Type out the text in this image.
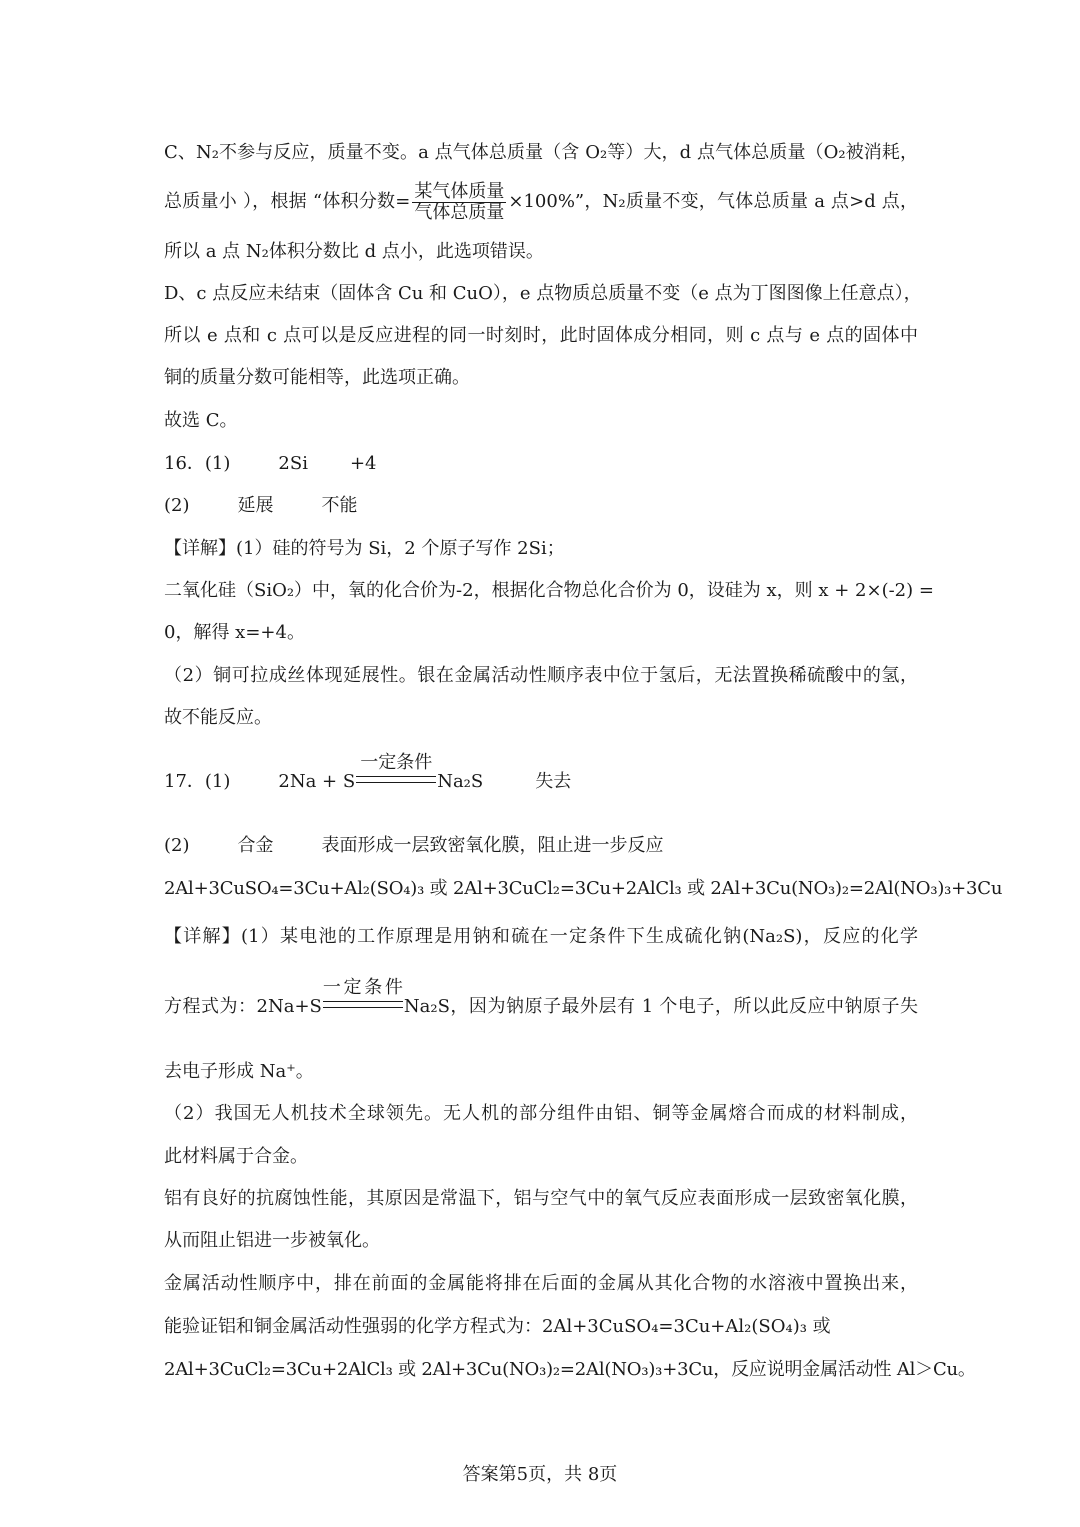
C、N₂不参与反应，质量不变。a 点气体总质量（含 O₂等）大，d 点气体总质量（O₂被消耗，
总质量小 ），根据 “体积分数= $\frac{\text{某气体质量}}{\text{气体总质量}} \times 100\%$”，N₂质量不变，气体总质量 a 点>d 点，
所以 a 点 N₂体积分数比 d 点小，此选项错误。
D、c 点反应未结束（固体含 Cu 和 CuO），e 点物质总质量不变（e 点为丁图图像上任意点），
所以 e 点和 c 点可以是反应进程的同一时刻时，此时固体成分相同，则 c 点与 e 点的固体中
铜的质量分数可能相等，此选项正确。
故选 C。
16．(1)	2Si +4
(2)	延展	不能
【详解】(1）硅的符号为 Si，2 个原子写作 2Si；
二氧化硅（SiO₂）中，氧的化合价为-2，根据化合物总化合价为 0，设硅为 x，则 x + 2×(-2) =
0，解得 x=+4。
（2）铜可拉成丝体现延展性。银在金属活动性顺序表中位于氢后，无法置换稀硫酸中的氢，
故不能反应。
17．(1)	2Na + S
一定条件
Na₂S	失去
(2)	合金	表面形成一层致密氧化膜，阻止进一步反应
2Al+3CuSO₄=3Cu+Al₂(SO₄)₃ 或 2Al+3CuCl₂=3Cu+2AlCl₃ 或 2Al+3Cu(NO₃)₂=2Al(NO₃)₃+3Cu
【详解】(1）某电池的工作原理是用钠和硫在一定条件下生成硫化钠(Na₂S)，反应的化学
方程式为：2Na+S
一定条件
Na₂S，因为钠原子最外层有 1 个电子，所以此反应中钠原子失
去电子形成 Na⁺。
（2）我国无人机技术全球领先。无人机的部分组件由铝、铜等金属熔合而成的材料制成，
此材料属于合金。
铝有良好的抗腐蚀性能，其原因是常温下，铝与空气中的氧气反应表面形成一层致密氧化膜，
从而阻止铝进一步被氧化。
金属活动性顺序中，排在前面的金属能将排在后面的金属从其化合物的水溶液中置换出来，
能验证铝和铜金属活动性强弱的化学方程式为：2Al+3CuSO₄=3Cu+Al₂(SO₄)₃ 或
2Al+3CuCl₂=3Cu+2AlCl₃ 或 2Al+3Cu(NO₃)₂=2Al(NO₃)₃+3Cu，反应说明金属活动性 Al＞Cu。
答案第5页，共 8页
